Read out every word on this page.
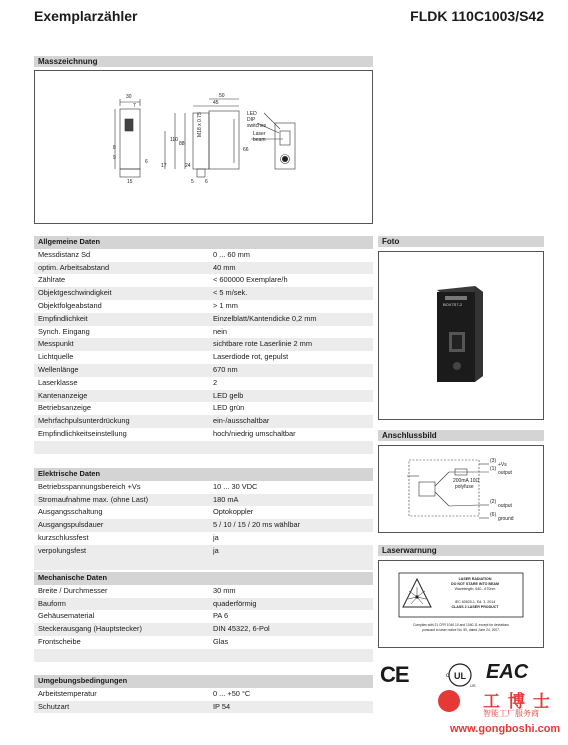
Exemplarzähler	FLDK 110C1003/S42
Masszeichnung
30
7
50
45
110
88
66
8
9
15
6
17	24
5 6
M18 x 0.75	LED
DIP
switches
Laser
beam
Allgemeine Daten
Messdistanz Sd	0 ... 60 mm
optim. Arbeitsabstand	40 mm
Zählrate	< 600000 Exemplare/h
Objektgeschwindigkeit	< 5 m/sek.
Objektfolgeabstand	> 1 mm
Empfindlichkeit	Einzelblatt/Kantendicke 0,2 mm
Synch. Eingang	nein
Messpunkt	sichtbare rote Laserlinie 2 mm
Lichtquelle	Laserdiode rot, gepulst
Wellenlänge	670 nm
Laserklasse	2
Kantenanzeige	LED gelb
Betriebsanzeige	LED grün
Mehrfachpulsunterdrückung	ein-/ausschaltbar
Empfindlichkeitseinstellung	hoch/niedrig umschaltbar
Elektrische Daten
Betriebsspannungsbereich +Vs	10 ... 30 VDC
Stromaufnahme max. (ohne Last)	180 mA
Ausgangsschaltung	Optokoppler
Ausgangspulsdauer	5 / 10 / 15 / 20 ms wählbar
kurzschlussfest	ja
verpolungsfest	ja
Mechanische Daten
Breite / Durchmesser	30 mm
Bauform	quaderförmig
Gehäusematerial	PA 6
Steckerausgang (Hauptstecker)	DIN 45322, 6-Pol
Frontscheibe	Glas
Umgebungsbedingungen
Arbeitstemperatur	0 ... +50 °C
Schutzart	IP 54
Foto
BOX7S7-2
Anschlussbild
(3)
+Vs
(1)
output
200mA 10Ω
polyfuse
(2)
output
(6)
ground
Laserwarnung
LASER RADIATION
DO NOT STARE INTO BEAM
Wavelength: 640...670nm
IEC 60825-1, Ed. 3, 2014
CLASS 2 LASER PRODUCT
Complies with 21 CFR 1040.10 and 1040.11 except for deviations
pursuant to laser notice No. 50, dated June 24, 2007.
CE	UL
c
US
EAC
工博士
智能工厂服务商
www.gongboshi.com
